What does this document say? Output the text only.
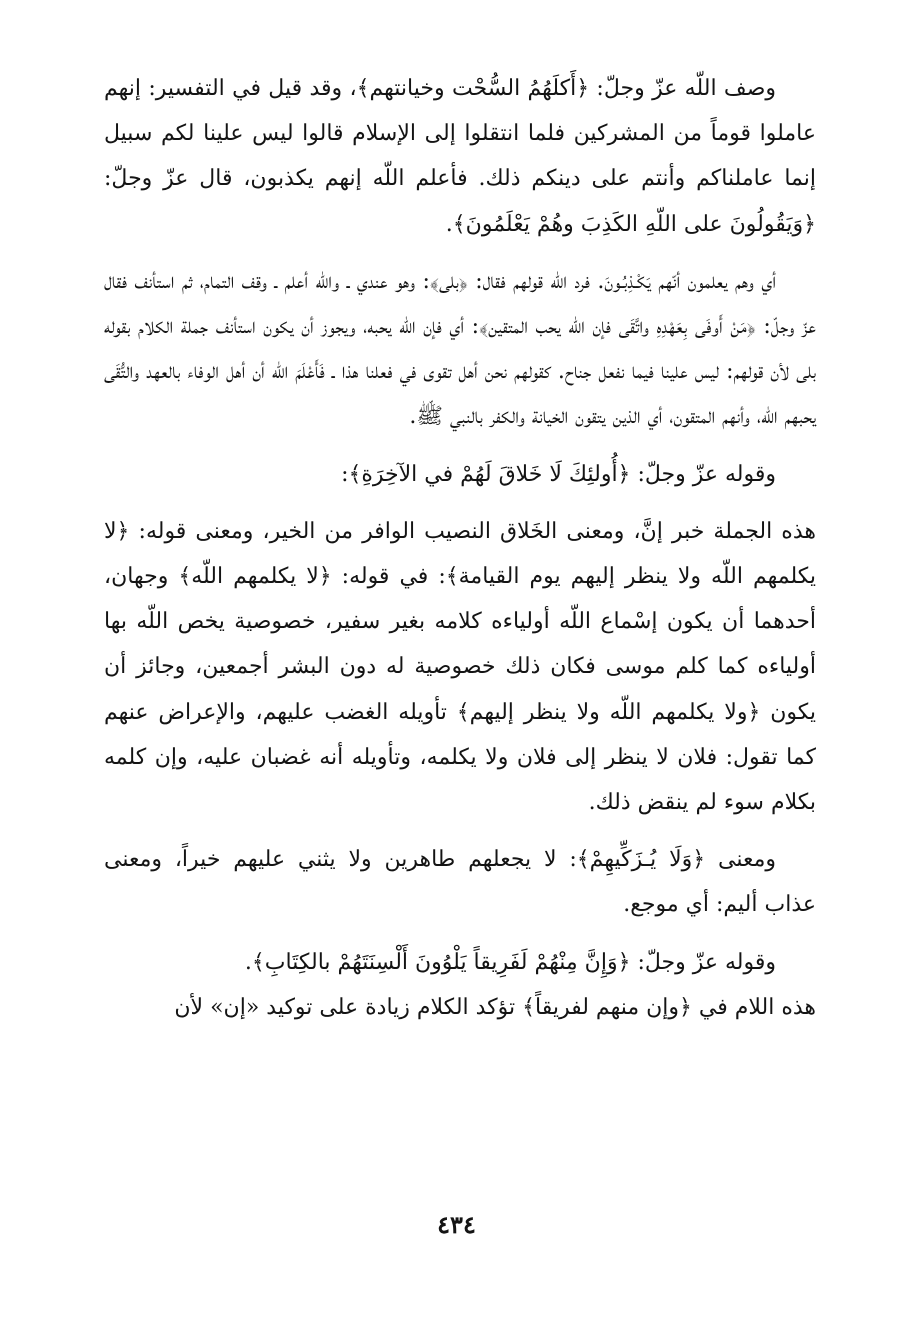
وصف اللّه عزّ وجلّ: ﴿أَكلَهُمُ السُّحْت وخيانتهم﴾، وقد قيل في التفسير: إنهم عاملوا قوماً من المشركين فلما انتقلوا إلى الإسلام قالوا ليس علينا لكم سبيل إنما عاملناكم وأنتم على دينكم ذلك. فأعلم اللّه إنهم يكذبون، قال عزّ وجلّ: ﴿وَيَقُولُونَ على اللّهِ الكَذِبَ وهُمْ يَعْلَمُونَ﴾.

أي وهم يعلمون أنّهم يَكْـذِبُـونَ. فرد اللّه قولهم فقال: ﴿بلى﴾: وهو عندي ـ واللّه أعلم ـ وقف التمام، ثم استأنف فقال عزّ وجلّ: ﴿مَنْ أَوفَى بِعَهْدِهِ واتَّقَى فإن اللّه يحب المتقين﴾: أي فإن اللّه يحبه، ويجوز أن يكون استأنف جملة الكلام بقوله بلى لأن قولهم: ليس علينا فيما نفعل جناح. كقولهم نحن أهل تقوى في فعلنا هذا ـ فَأَعْلَمَ اللّه أن أهل الوفاء بالعهد والتُّقَى يحبهم اللّه، وأنهم المتقون، أي الذين يتقون الخيانة والكفر بالنبي ﷺ.

وقوله عزّ وجلّ: ﴿أُولئِكَ لَا خَلاقَ لَهُمْ في الآخِرَةِ﴾:

هذه الجملة خبر إنَّ، ومعنى الخَلاق النصيب الوافر من الخير، ومعنى قوله: ﴿لا يكلمهم اللّه ولا ينظر إليهم يوم القيامة﴾: في قوله: ﴿لا يكلمهم اللّه﴾ وجهان، أحدهما أن يكون إسْماع اللّه أولياءه كلامه بغير سفير، خصوصية يخص اللّه بها أولياءه كما كلم موسى فكان ذلك خصوصية له دون البشر أجمعين، وجائز أن يكون ﴿ولا يكلمهم اللّه ولا ينظر إليهم﴾ تأويله الغضب عليهم، والإعراض عنهم كما تقول: فلان لا ينظر إلى فلان ولا يكلمه، وتأويله أنه غضبان عليه، وإن كلمه بكلام سوء لم ينقض ذلك.

ومعنى ﴿وَلَا يُـزَكِّيهِمْ﴾: لا يجعلهم طاهرين ولا يثني عليهم خيراً، ومعنى عذاب أليم: أي موجع.

وقوله عزّ وجلّ: ﴿وَإِنَّ مِنْهُمْ لَفَرِيقاً يَلْوُونَ أَلْسِنَتَهُمْ بالكِتَابِ﴾.

هذه اللام في ﴿وإن منهم لفريقاً﴾ تؤكد الكلام زيادة على توكيد «إن» لأن

٤٣٤
